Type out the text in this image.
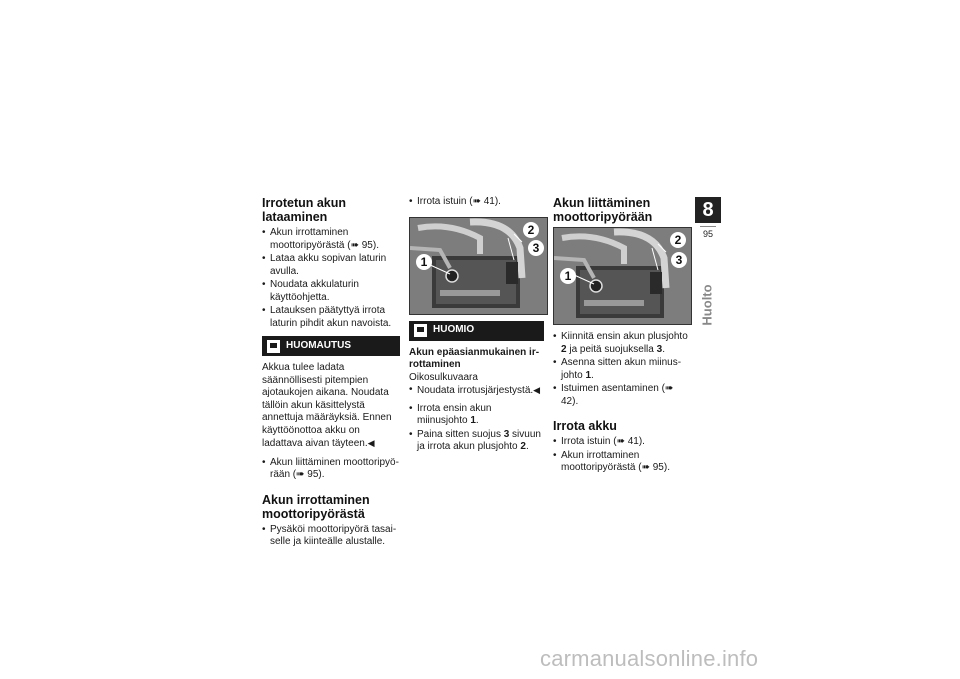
Irrotetun akun lataaminen
• Akun irrottaminen moottoripyörästä (➠ 95).
• Lataa akku sopivan laturin avulla.
• Noudata akkulaturin käyttöohjetta.
• Latauksen päätyttyä irrota laturin pihdit akun navoista.
HUOMAUTUS
Akkua tulee ladata säännöllisesti pitempien ajotaukojen aikana. Noudata tällöin akun käsittelystä annettuja määräyksiä. Ennen käyttöönottoa akku on ladattava aivan täyteen.◀
• Akun liittäminen moottoripyörään (➠ 95).
Akun irrottaminen moottoripyörästä
• Pysäköi moottoripyörä tasaiselle ja kiinteälle alustalle.
• Irrota istuin (➠ 41).
1
2
3
HUOMIO
Akun epäasianmukainen irrottaminen
Oikosulkuvaara
• Noudata irrotusjärjestystä.◀
• Irrota ensin akun miinusjohto 1.
• Paina sitten suojus 3 sivuun ja irrota akun plusjohto 2.
Akun liittäminen moottoripyörään
1
2
3
• Kiinnitä ensin akun plusjohto 2 ja peitä suojuksella 3.
• Asenna sitten akun miinusjohto 1.
• Istuimen asentaminen (➠ 42).
Irrota akku
• Irrota istuin (➠ 41).
• Akun irrottaminen moottoripyörästä (➠ 95).
8
95
Huolto
carmanualsonline.info
